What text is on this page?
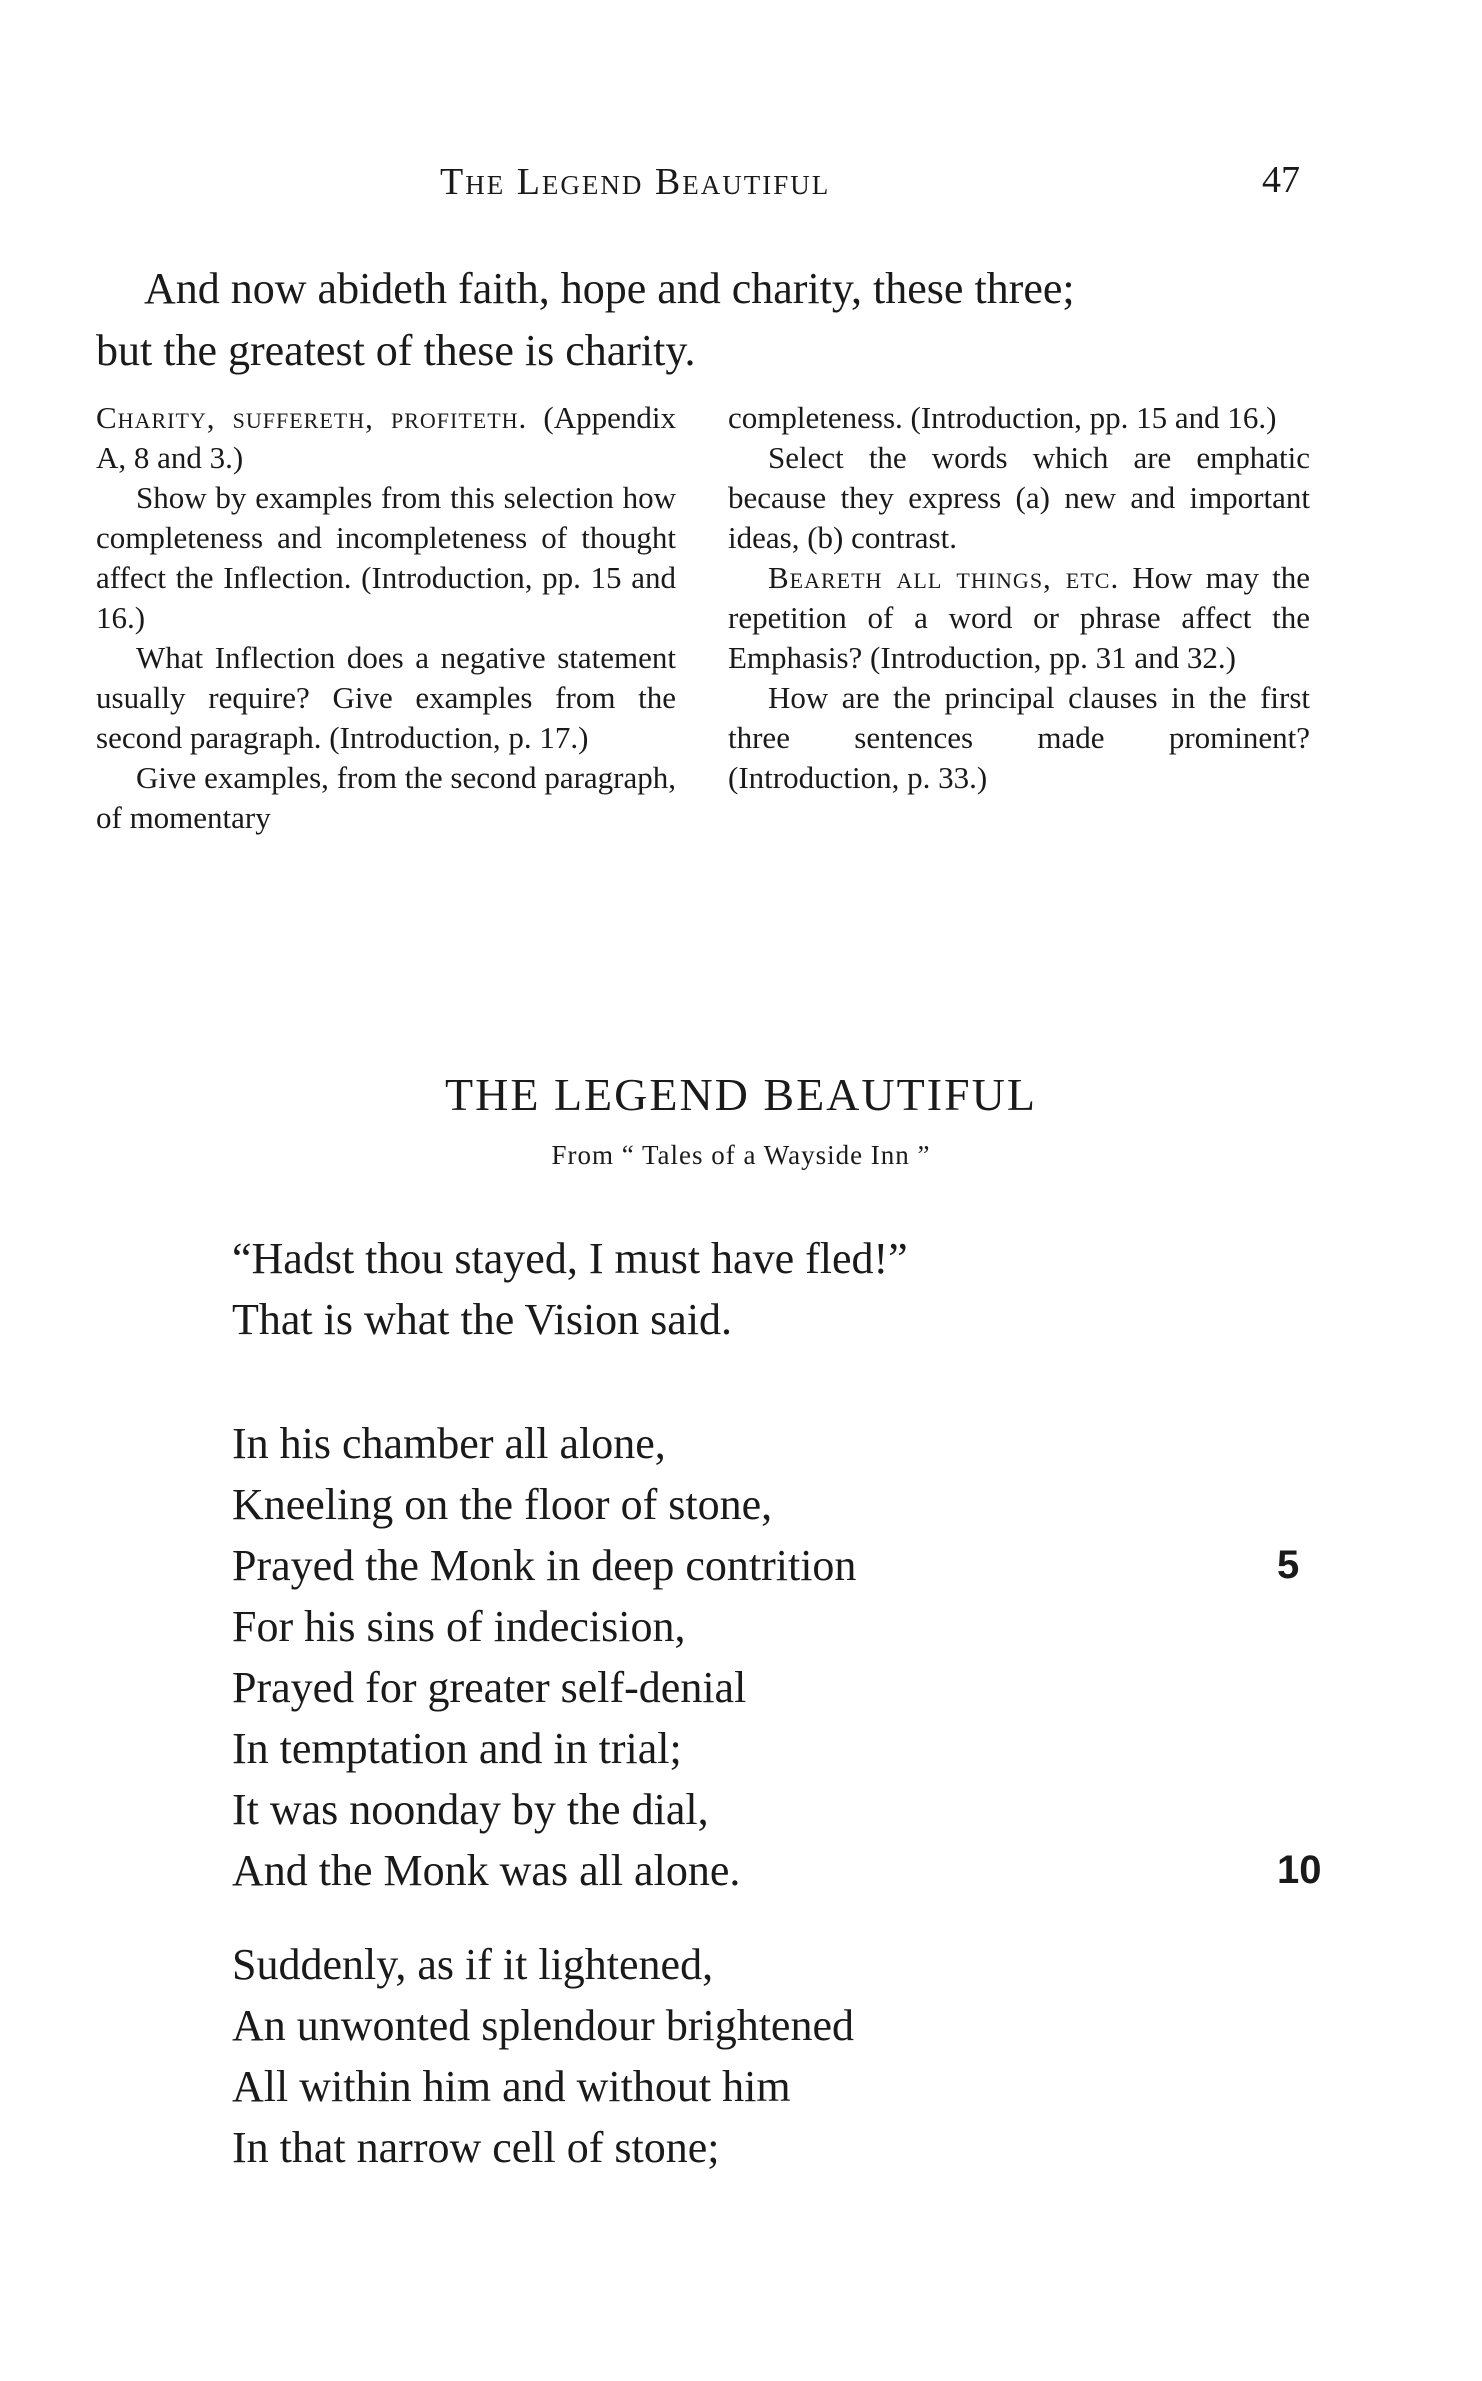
The Legend Beautiful	47

And now abideth faith, hope and charity, these three;

but the greatest of these is charity.

Charity, suffereth, profiteth. (Appendix A, 8 and 3.)

Show by examples from this selection how completeness and incompleteness of thought affect the Inflection. (Introduction, pp. 15 and 16.)

What Inflection does a negative statement usually require? Give examples from the second paragraph. (Introduction, p. 17.)

Give examples, from the second paragraph, of momentary

completeness. (Introduction, pp. 15 and 16.)

Select the words which are emphatic because they express (a) new and important ideas, (b) contrast.

Beareth all things, etc. How may the repetition of a word or phrase affect the Emphasis? (Introduction, pp. 31 and 32.)

How are the principal clauses in the first three sentences made prominent? (Introduction, p. 33.)

THE LEGEND BEAUTIFUL
From “ Tales of a Wayside Inn ”
“Hadst thou stayed, I must have fled!”
That is what the Vision said.
In his chamber all alone,
Kneeling on the floor of stone,
Prayed the Monk in deep contrition	5
For his sins of indecision,
Prayed for greater self-denial
In temptation and in trial;
It was noonday by the dial,
And the Monk was all alone.	10
Suddenly, as if it lightened,
An unwonted splendour brightened
All within him and without him
In that narrow cell of stone;
